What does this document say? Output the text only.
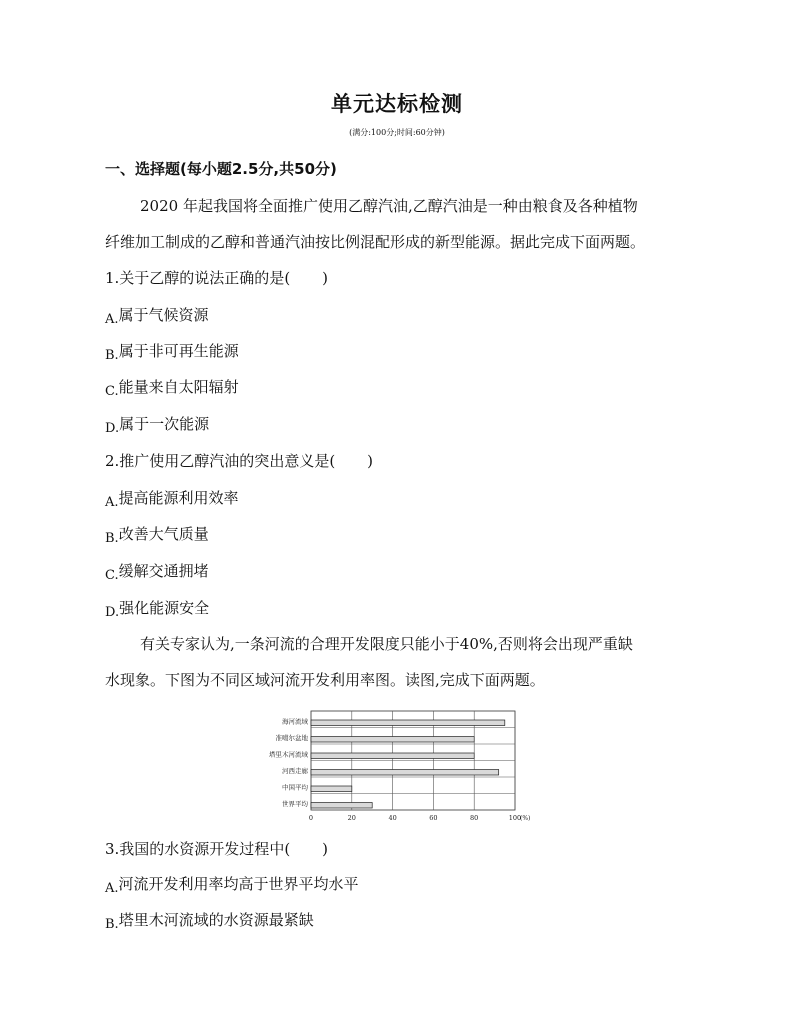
单元达标检测
(满分:100分;时间:60分钟)
一、选择题(每小题2.5分,共50分)
2020 年起我国将全面推广使用乙醇汽油,乙醇汽油是一种由粮食及各种植物
纤维加工制成的乙醇和普通汽油按比例混配形成的新型能源。据此完成下面两题。
1.关于乙醇的说法正确的是( )
A.属于气候资源
B.属于非可再生能源
C.能量来自太阳辐射
D.属于一次能源
2.推广使用乙醇汽油的突出意义是( )
A.提高能源利用效率
B.改善大气质量
C.缓解交通拥堵
D.强化能源安全
有关专家认为,一条河流的合理开发限度只能小于40%,否则将会出现严重缺
水现象。下图为不同区域河流开发利用率图。读图,完成下面两题。
海河流域
准噶尔盆地
塔里木河流域
河西走廊
中国平均
世界平均
0	20	40	60	80	100
(%)
3.我国的水资源开发过程中( )
A.河流开发利用率均高于世界平均水平
B.塔里木河流域的水资源最紧缺
